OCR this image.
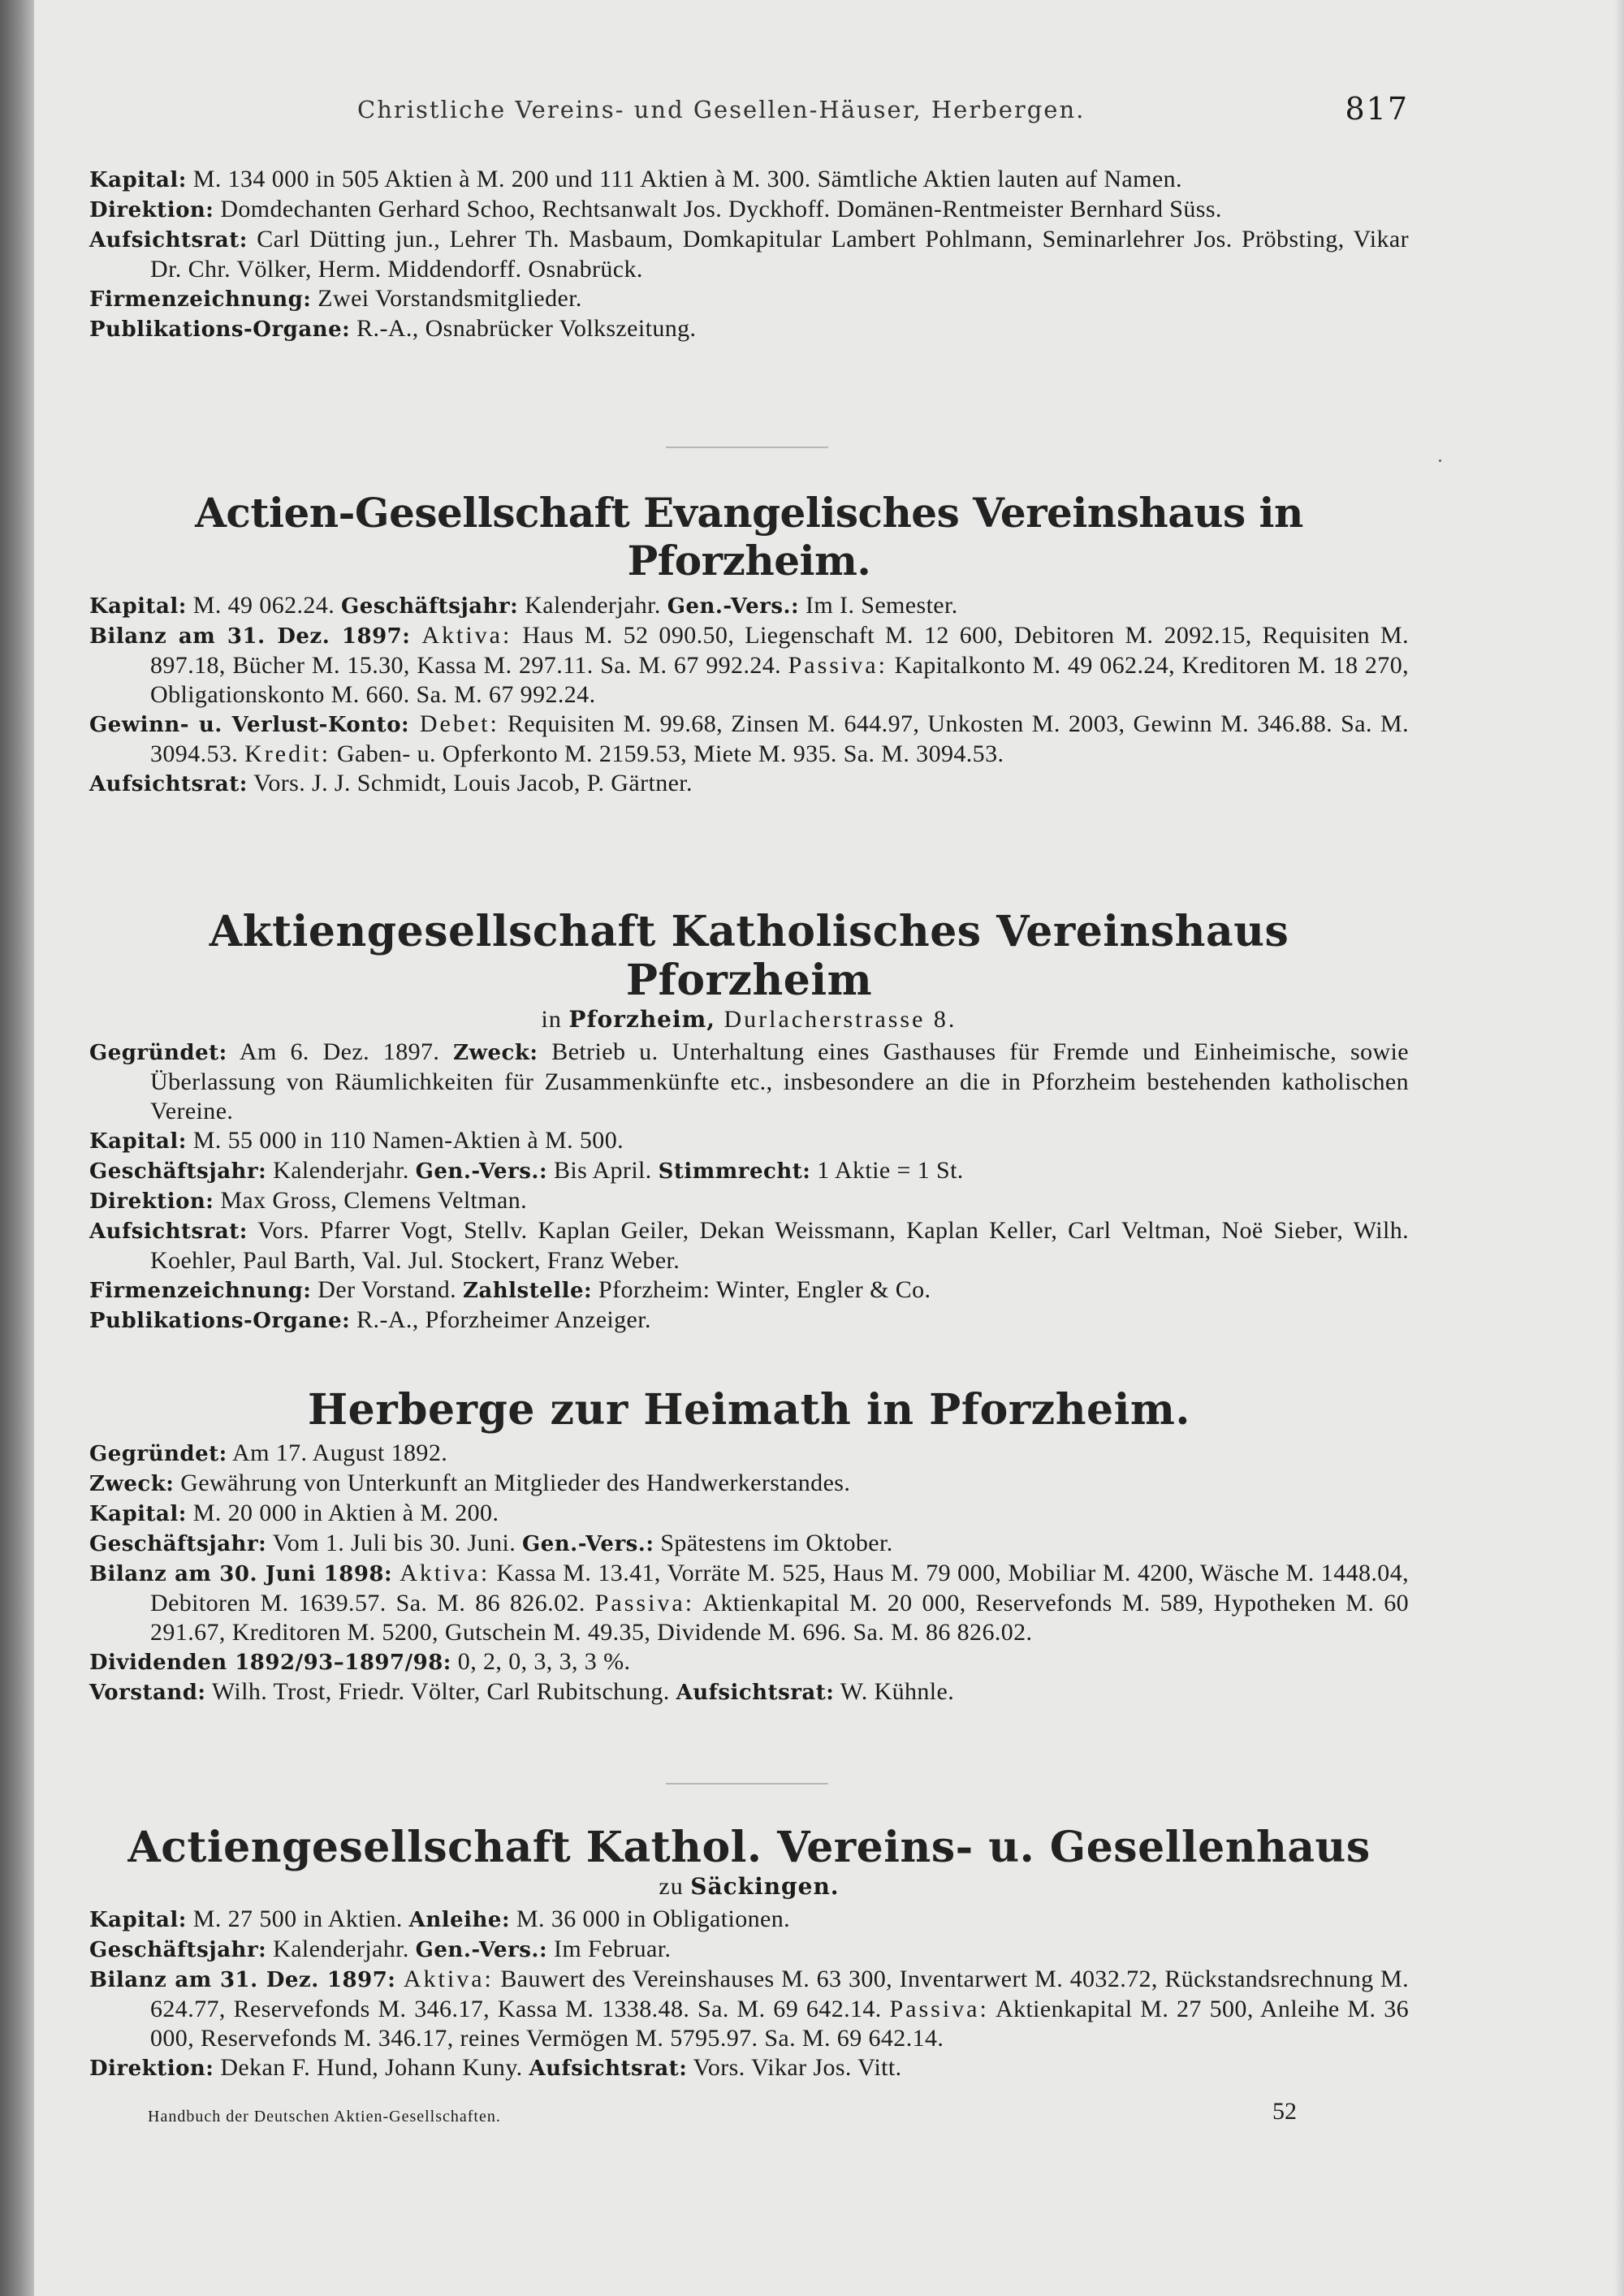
Christliche Vereins- und Gesellen-Häuser, Herbergen.	817

Kapital: M. 134 000 in 505 Aktien à M. 200 und 111 Aktien à M. 300. Sämtliche Aktien lauten auf Namen.

Direktion: Domdechanten Gerhard Schoo, Rechtsanwalt Jos. Dyckhoff. Domänen-Rentmeister Bernhard Süss.

Aufsichtsrat: Carl Dütting jun., Lehrer Th. Masbaum, Domkapitular Lambert Pohlmann, Seminarlehrer Jos. Pröbsting, Vikar Dr. Chr. Völker, Herm. Middendorff. Osnabrück.

Firmenzeichnung: Zwei Vorstandsmitglieder.

Publikations-Organe: R.-A., Osnabrücker Volkszeitung.

Actien-Gesellschaft Evangelisches Vereinshaus in Pforzheim.

Kapital: M. 49 062.24. Geschäftsjahr: Kalenderjahr. Gen.-Vers.: Im I. Semester.

Bilanz am 31. Dez. 1897: Aktiva: Haus M. 52 090.50, Liegenschaft M. 12 600, Debitoren M. 2092.15, Requisiten M. 897.18, Bücher M. 15.30, Kassa M. 297.11. Sa. M. 67 992.24. Passiva: Kapitalkonto M. 49 062.24, Kreditoren M. 18 270, Obligationskonto M. 660. Sa. M. 67 992.24.

Gewinn- u. Verlust-Konto: Debet: Requisiten M. 99.68, Zinsen M. 644.97, Unkosten M. 2003, Gewinn M. 346.88. Sa. M. 3094.53. Kredit: Gaben- u. Opferkonto M. 2159.53, Miete M. 935. Sa. M. 3094.53.

Aufsichtsrat: Vors. J. J. Schmidt, Louis Jacob, P. Gärtner.

Aktiengesellschaft Katholisches Vereinshaus Pforzheim

in Pforzheim, Durlacherstrasse 8.

Gegründet: Am 6. Dez. 1897. Zweck: Betrieb u. Unterhaltung eines Gasthauses für Fremde und Einheimische, sowie Überlassung von Räumlichkeiten für Zusammenkünfte etc., insbesondere an die in Pforzheim bestehenden katholischen Vereine.

Kapital: M. 55 000 in 110 Namen-Aktien à M. 500.

Geschäftsjahr: Kalenderjahr. Gen.-Vers.: Bis April. Stimmrecht: 1 Aktie = 1 St.

Direktion: Max Gross, Clemens Veltman.

Aufsichtsrat: Vors. Pfarrer Vogt, Stellv. Kaplan Geiler, Dekan Weissmann, Kaplan Keller, Carl Veltman, Noë Sieber, Wilh. Koehler, Paul Barth, Val. Jul. Stockert, Franz Weber.

Firmenzeichnung: Der Vorstand. Zahlstelle: Pforzheim: Winter, Engler & Co.

Publikations-Organe: R.-A., Pforzheimer Anzeiger.

Herberge zur Heimath in Pforzheim.

Gegründet: Am 17. August 1892.

Zweck: Gewährung von Unterkunft an Mitglieder des Handwerkerstandes.

Kapital: M. 20 000 in Aktien à M. 200.

Geschäftsjahr: Vom 1. Juli bis 30. Juni. Gen.-Vers.: Spätestens im Oktober.

Bilanz am 30. Juni 1898: Aktiva: Kassa M. 13.41, Vorräte M. 525, Haus M. 79 000, Mobiliar M. 4200, Wäsche M. 1448.04, Debitoren M. 1639.57. Sa. M. 86 826.02. Passiva: Aktienkapital M. 20 000, Reservefonds M. 589, Hypotheken M. 60 291.67, Kreditoren M. 5200, Gutschein M. 49.35, Dividende M. 696. Sa. M. 86 826.02.

Dividenden 1892/93–1897/98: 0, 2, 0, 3, 3, 3 %.

Vorstand: Wilh. Trost, Friedr. Völter, Carl Rubitschung. Aufsichtsrat: W. Kühnle.

Actiengesellschaft Kathol. Vereins- u. Gesellenhaus

zu Säckingen.

Kapital: M. 27 500 in Aktien. Anleihe: M. 36 000 in Obligationen.

Geschäftsjahr: Kalenderjahr. Gen.-Vers.: Im Februar.

Bilanz am 31. Dez. 1897: Aktiva: Bauwert des Vereinshauses M. 63 300, Inventarwert M. 4032.72, Rückstandsrechnung M. 624.77, Reservefonds M. 346.17, Kassa M. 1338.48. Sa. M. 69 642.14. Passiva: Aktienkapital M. 27 500, Anleihe M. 36 000, Reservefonds M. 346.17, reines Vermögen M. 5795.97. Sa. M. 69 642.14.

Direktion: Dekan F. Hund, Johann Kuny. Aufsichtsrat: Vors. Vikar Jos. Vitt.

Handbuch der Deutschen Aktien-Gesellschaften.	52
